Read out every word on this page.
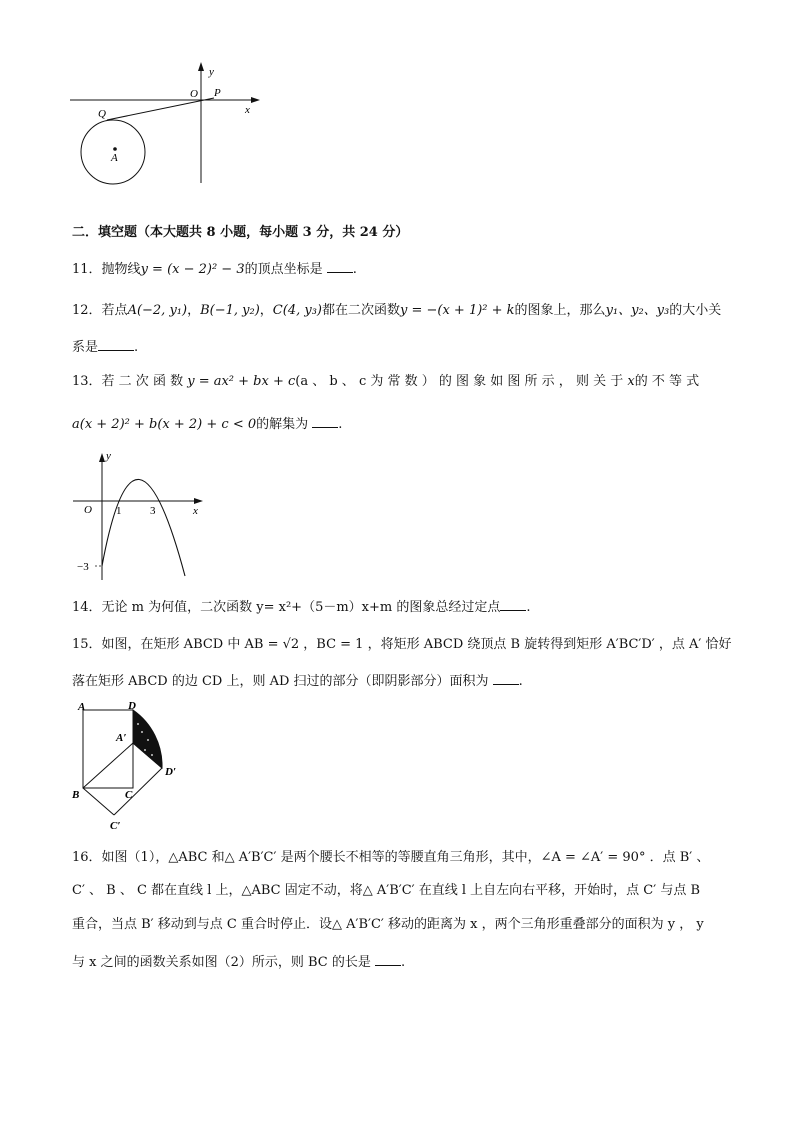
y
O P
x
Q
A
二．填空题（本大题共 8 小题，每小题 3 分，共 24 分）
11．抛物线y = (x − 2)² − 3的顶点坐标是 .
12．若点A(−2, y₁)，B(−1, y₂)，C(4, y₃)都在二次函数y = −(x + 1)² + k的图象上，那么y₁、y₂、y₃的大小关
系是	.
13．若 二 次 函 数 y = ax² + bx + c(a 、 b 、 c 为 常 数 ） 的 图 象 如 图 所 示 ， 则 关 于 x的 不 等 式
a(x + 2)² + b(x + 2) + c < 0的解集为 .
y
O 1	3	x
−3
14．无论 m 为何值，二次函数 y= x²+（5－m）x+m 的图象总经过定点 .
15．如图，在矩形 ABCD 中 AB = √2 ，BC = 1 ，将矩形 ABCD 绕顶点 B 旋转得到矩形 A′BC′D′ ，点 A′ 恰好
落在矩形 ABCD 的边 CD 上，则 AD 扫过的部分（即阴影部分）面积为 .
A	D
A′
D′
B	C
C′
16．如图（1），△ABC 和△ A′B′C′ 是两个腰长不相等的等腰直角三角形，其中，∠A = ∠A′ = 90° ．点 B′ 、
C′ 、 B 、 C 都在直线 l 上，△ABC 固定不动，将△ A′B′C′ 在直线 l 上自左向右平移，开始时，点 C′ 与点 B
重合，当点 B′ 移动到与点 C 重合时停止．设△ A′B′C′ 移动的距离为 x ，两个三角形重叠部分的面积为 y ， y
与 x 之间的函数关系如图（2）所示，则 BC 的长是 .
